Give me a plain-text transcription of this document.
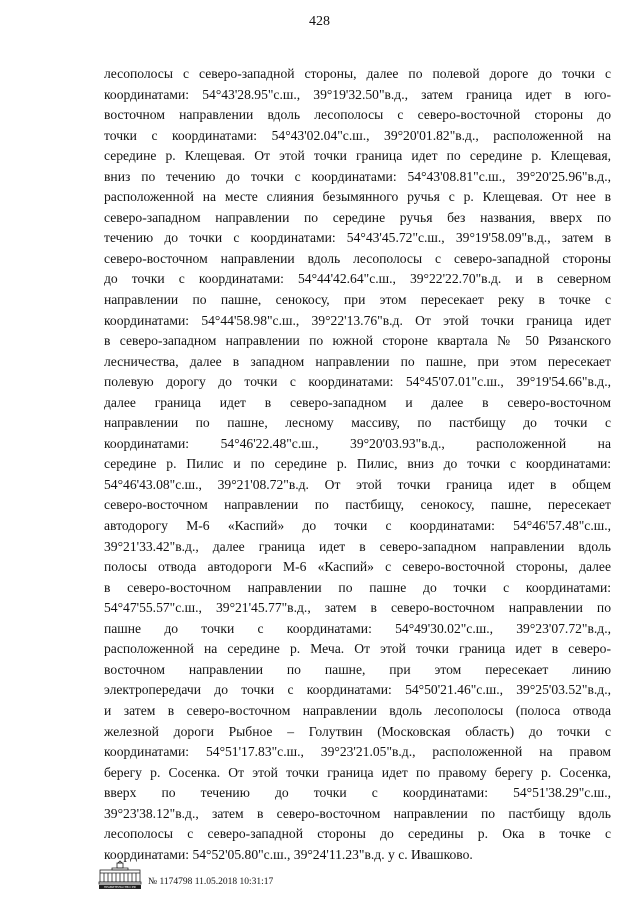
428
лесополосы с северо-западной стороны, далее по полевой дороге до точки с
координатами: 54°43'28.95"с.ш., 39°19'32.50"в.д., затем граница идет в юго-
восточном направлении вдоль лесополосы с северо-восточной стороны до
точки с координатами: 54°43'02.04"с.ш., 39°20'01.82"в.д., расположенной на
середине р. Клещевая. От этой точки граница идет по середине р. Клещевая,
вниз по течению до точки с координатами: 54°43'08.81"с.ш., 39°20'25.96"в.д.,
расположенной на месте слияния безымянного ручья с р. Клещевая. От нее в
северо-западном направлении по середине ручья без названия, вверх по
течению до точки с координатами: 54°43'45.72"с.ш., 39°19'58.09"в.д., затем в
северо-восточном направлении вдоль лесополосы с северо-западной стороны
до точки с координатами: 54°44'42.64"с.ш., 39°22'22.70"в.д. и в северном
направлении по пашне, сенокосу, при этом пересекает реку в точке с
координатами: 54°44'58.98"с.ш., 39°22'13.76"в.д. От этой точки граница идет
в северо-западном направлении по южной стороне квартала № 50 Рязанского
лесничества, далее в западном направлении по пашне, при этом пересекает
полевую дорогу до точки с координатами: 54°45'07.01"с.ш., 39°19'54.66"в.д.,
далее граница идет в северо-западном и далее в северо-восточном
направлении по пашне, лесному массиву, по пастбищу до точки с
координатами: 54°46'22.48"с.ш., 39°20'03.93"в.д., расположенной на
середине р. Пилис и по середине р. Пилис, вниз до точки с координатами:
54°46'43.08"с.ш., 39°21'08.72"в.д. От этой точки граница идет в общем
северо-восточном направлении по пастбищу, сенокосу, пашне, пересекает
автодорогу М-6 «Каспий» до точки с координатами: 54°46'57.48"с.ш.,
39°21'33.42"в.д., далее граница идет в северо-западном направлении вдоль
полосы отвода автодороги М-6 «Каспий» с северо-восточной стороны, далее
в северо-восточном направлении по пашне до точки с координатами:
54°47'55.57"с.ш., 39°21'45.77"в.д., затем в северо-восточном направлении по
пашне до точки с координатами: 54°49'30.02"с.ш., 39°23'07.72"в.д.,
расположенной на середине р. Меча. От этой точки граница идет в северо-
восточном направлении по пашне, при этом пересекает линию
электропередачи до точки с координатами: 54°50'21.46"с.ш., 39°25'03.52"в.д.,
и затем в северо-восточном направлении вдоль лесополосы (полоса отвода
железной дороги Рыбное – Голутвин (Московская область) до точки с
координатами: 54°51'17.83"с.ш., 39°23'21.05"в.д., расположенной на правом
берегу р. Сосенка. От этой точки граница идет по правому берегу р. Сосенка,
вверх по течению до точки с координатами: 54°51'38.29"с.ш.,
39°23'38.12"в.д., затем в северо-восточном направлении по пастбищу вдоль
лесополосы с северо-западной стороны до середины р. Ока в точке с
координатами: 54°52'05.80"с.ш., 39°24'11.23"в.д. у с. Ивашково.
ПРАВИТЕЛЬСТВО РФ
№ 1174798 11.05.2018 10:31:17
